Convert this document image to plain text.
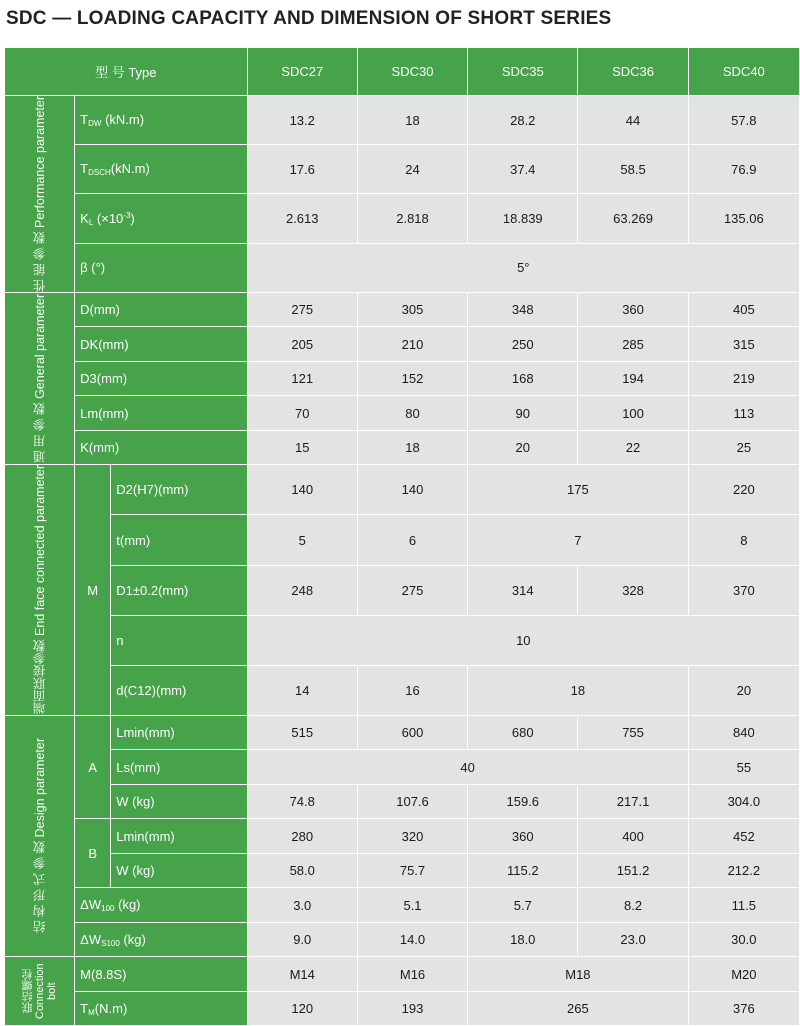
SDC — LOADING CAPACITY AND DIMENSION OF SHORT SERIES
型 号 Type			SDC27	SDC30	SDC35	SDC36	SDC40

性 能 参 数 Performance parameter	$T_{DW}$ (kN.m)		13.2	18	28.2	44	57.8
	$T_{DSCH}(kN.m)$		17.6	24	37.4	58.5	76.9
	$K_L$ $(\times 10^{-3})$		2.613	2.818	18.839	63.269	135.06
	β (°)		5°				

通 用 参 数 General parameter	D(mm)		275	305	348	360	405
	DK(mm)		205	210	250	285	315
	D3(mm)		121	152	168	194	219
	Lm(mm)		70	80	90	100	113
	K(mm)		15	18	20	22	25

端面联接参数 End face connected parameter	M	D2(H7)(mm)	140	140	175		220
		t(mm)	5	6	7		8
		D1±0.2(mm)	248	275	314	328	370
		n	10				
		d(C12)(mm)	14	16	18		20

结 构 形 式 参 数 Design parameter	A	Lmin(mm)	515	600	680	755	840
		Ls(mm)	40				55
		W (kg)	74.8	107.6	159.6	217.1	304.0
	B	Lmin(mm)	280	320	360	400	452
		W (kg)	58.0	75.7	115.2	151.2	212.2
	$\Delta W_{100}$ (kg)		3.0	5.1	5.7	8.2	11.5
	$\Delta W_{S100}$ (kg)		9.0	14.0	18.0	23.0	30.0

联结螺栓 Connection bolt	M(8.8S)		M14	M16	M18		M20
	$T_M(N.m)$		120	193	265		376
